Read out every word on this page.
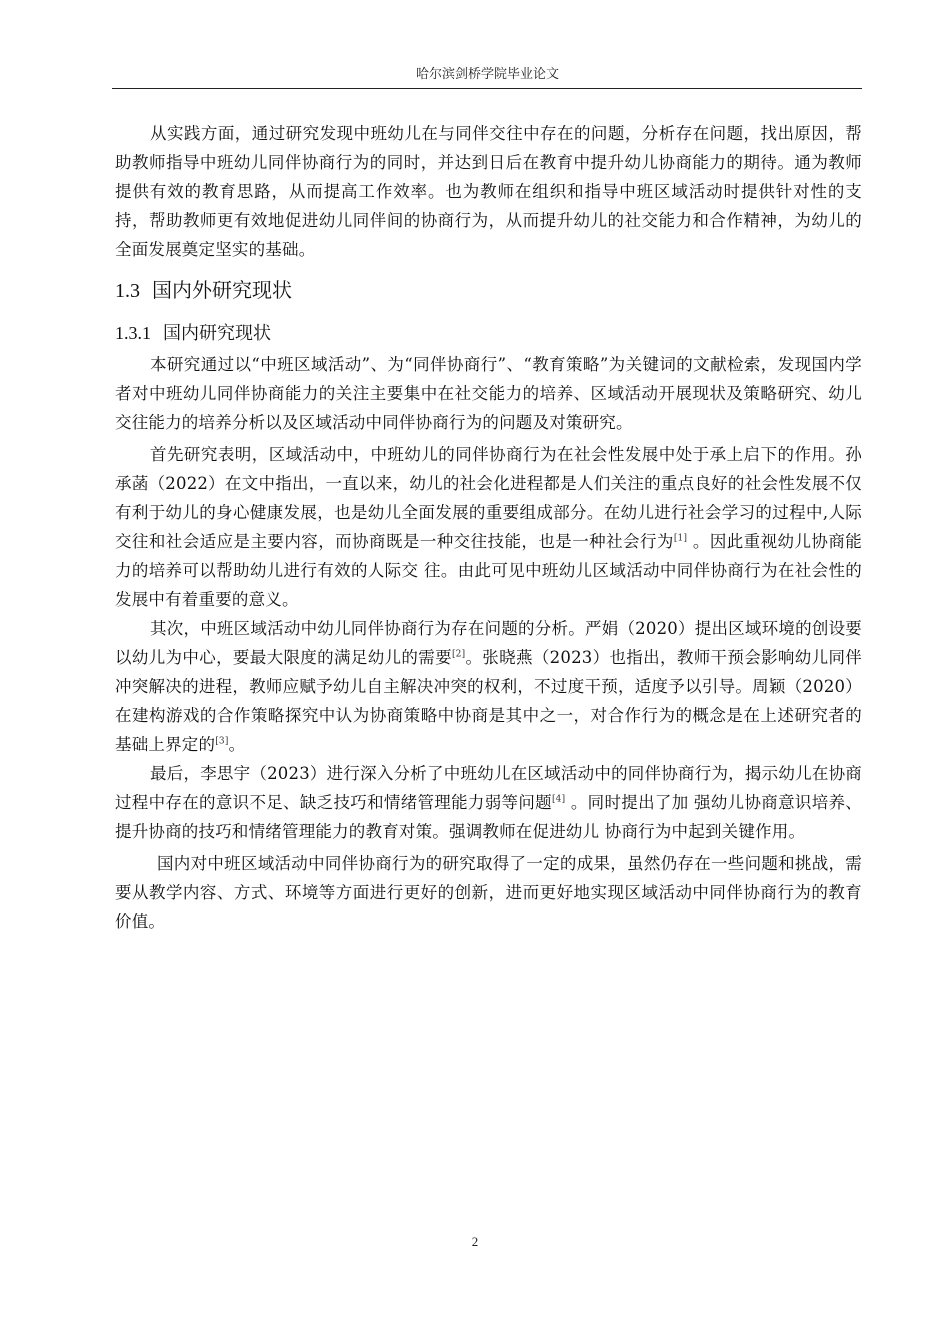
哈尔滨剑桥学院毕业论文

从实践方面，通过研究发现中班幼儿在与同伴交往中存在的问题，分析存在问题，找出原因，帮助教师指导中班幼儿同伴协商行为的同时，并达到日后在教育中提升幼儿协商能力的期待。通为教师提供有效的教育思路，从而提高工作效率。也为教师在组织和指导中班区域活动时提供针对性的支持，帮助教师更有效地促进幼儿同伴间的协商行为，从而提升幼儿的社交能力和合作精神，为幼儿的全面发展奠定坚实的基础。

1.3 国内外研究现状
1.3.1 国内研究现状

本研究通过以“中班区域活动”、为“同伴协商行”、“教育策略”为关键词的文献检索，发现国内学者对中班幼儿同伴协商能力的关注主要集中在社交能力的培养、区域活动开展现状及策略研究、幼儿交往能力的培养分析以及区域活动中同伴协商行为的问题及对策研究。

首先研究表明，区域活动中，中班幼儿的同伴协商行为在社会性发展中处于承上启下的作用。孙承菡（2022）在文中指出，一直以来，幼儿的社会化进程都是人们关注的重点良好的社会性发展不仅有利于幼儿的身心健康发展，也是幼儿全面发展的重要组成部分。在幼儿进行社会学习的过程中,人际交往和社会适应是主要内容，而协商既是一种交往技能，也是一种社会行为[1] 。因此重视幼儿协商能力的培养可以帮助幼儿进行有效的人际交 往。由此可见中班幼儿区域活动中同伴协商行为在社会性的发展中有着重要的意义。

其次，中班区域活动中幼儿同伴协商行为存在问题的分析。严娟（2020）提出区域环境的创设要以幼儿为中心，要最大限度的满足幼儿的需要[2]。张晓燕（2023）也指出，教师干预会影响幼儿同伴冲突解决的进程，教师应赋予幼儿自主解决冲突的权利，不过度干预，适度予以引导。周颖（2020）在建构游戏的合作策略探究中认为协商策略中协商是其中之一，对合作行为的概念是在上述研究者的基础上界定的[3]。

最后，李思宇（2023）进行深入分析了中班幼儿在区域活动中的同伴协商行为，揭示幼儿在协商过程中存在的意识不足、缺乏技巧和情绪管理能力弱等问题[4] 。同时提出了加 强幼儿协商意识培养、提升协商的技巧和情绪管理能力的教育对策。强调教师在促进幼儿 协商行为中起到关键作用。

国内对中班区域活动中同伴协商行为的研究取得了一定的成果，虽然仍存在一些问题和挑战，需要从教学内容、方式、环境等方面进行更好的创新，进而更好地实现区域活动中同伴协商行为的教育价值。

2
